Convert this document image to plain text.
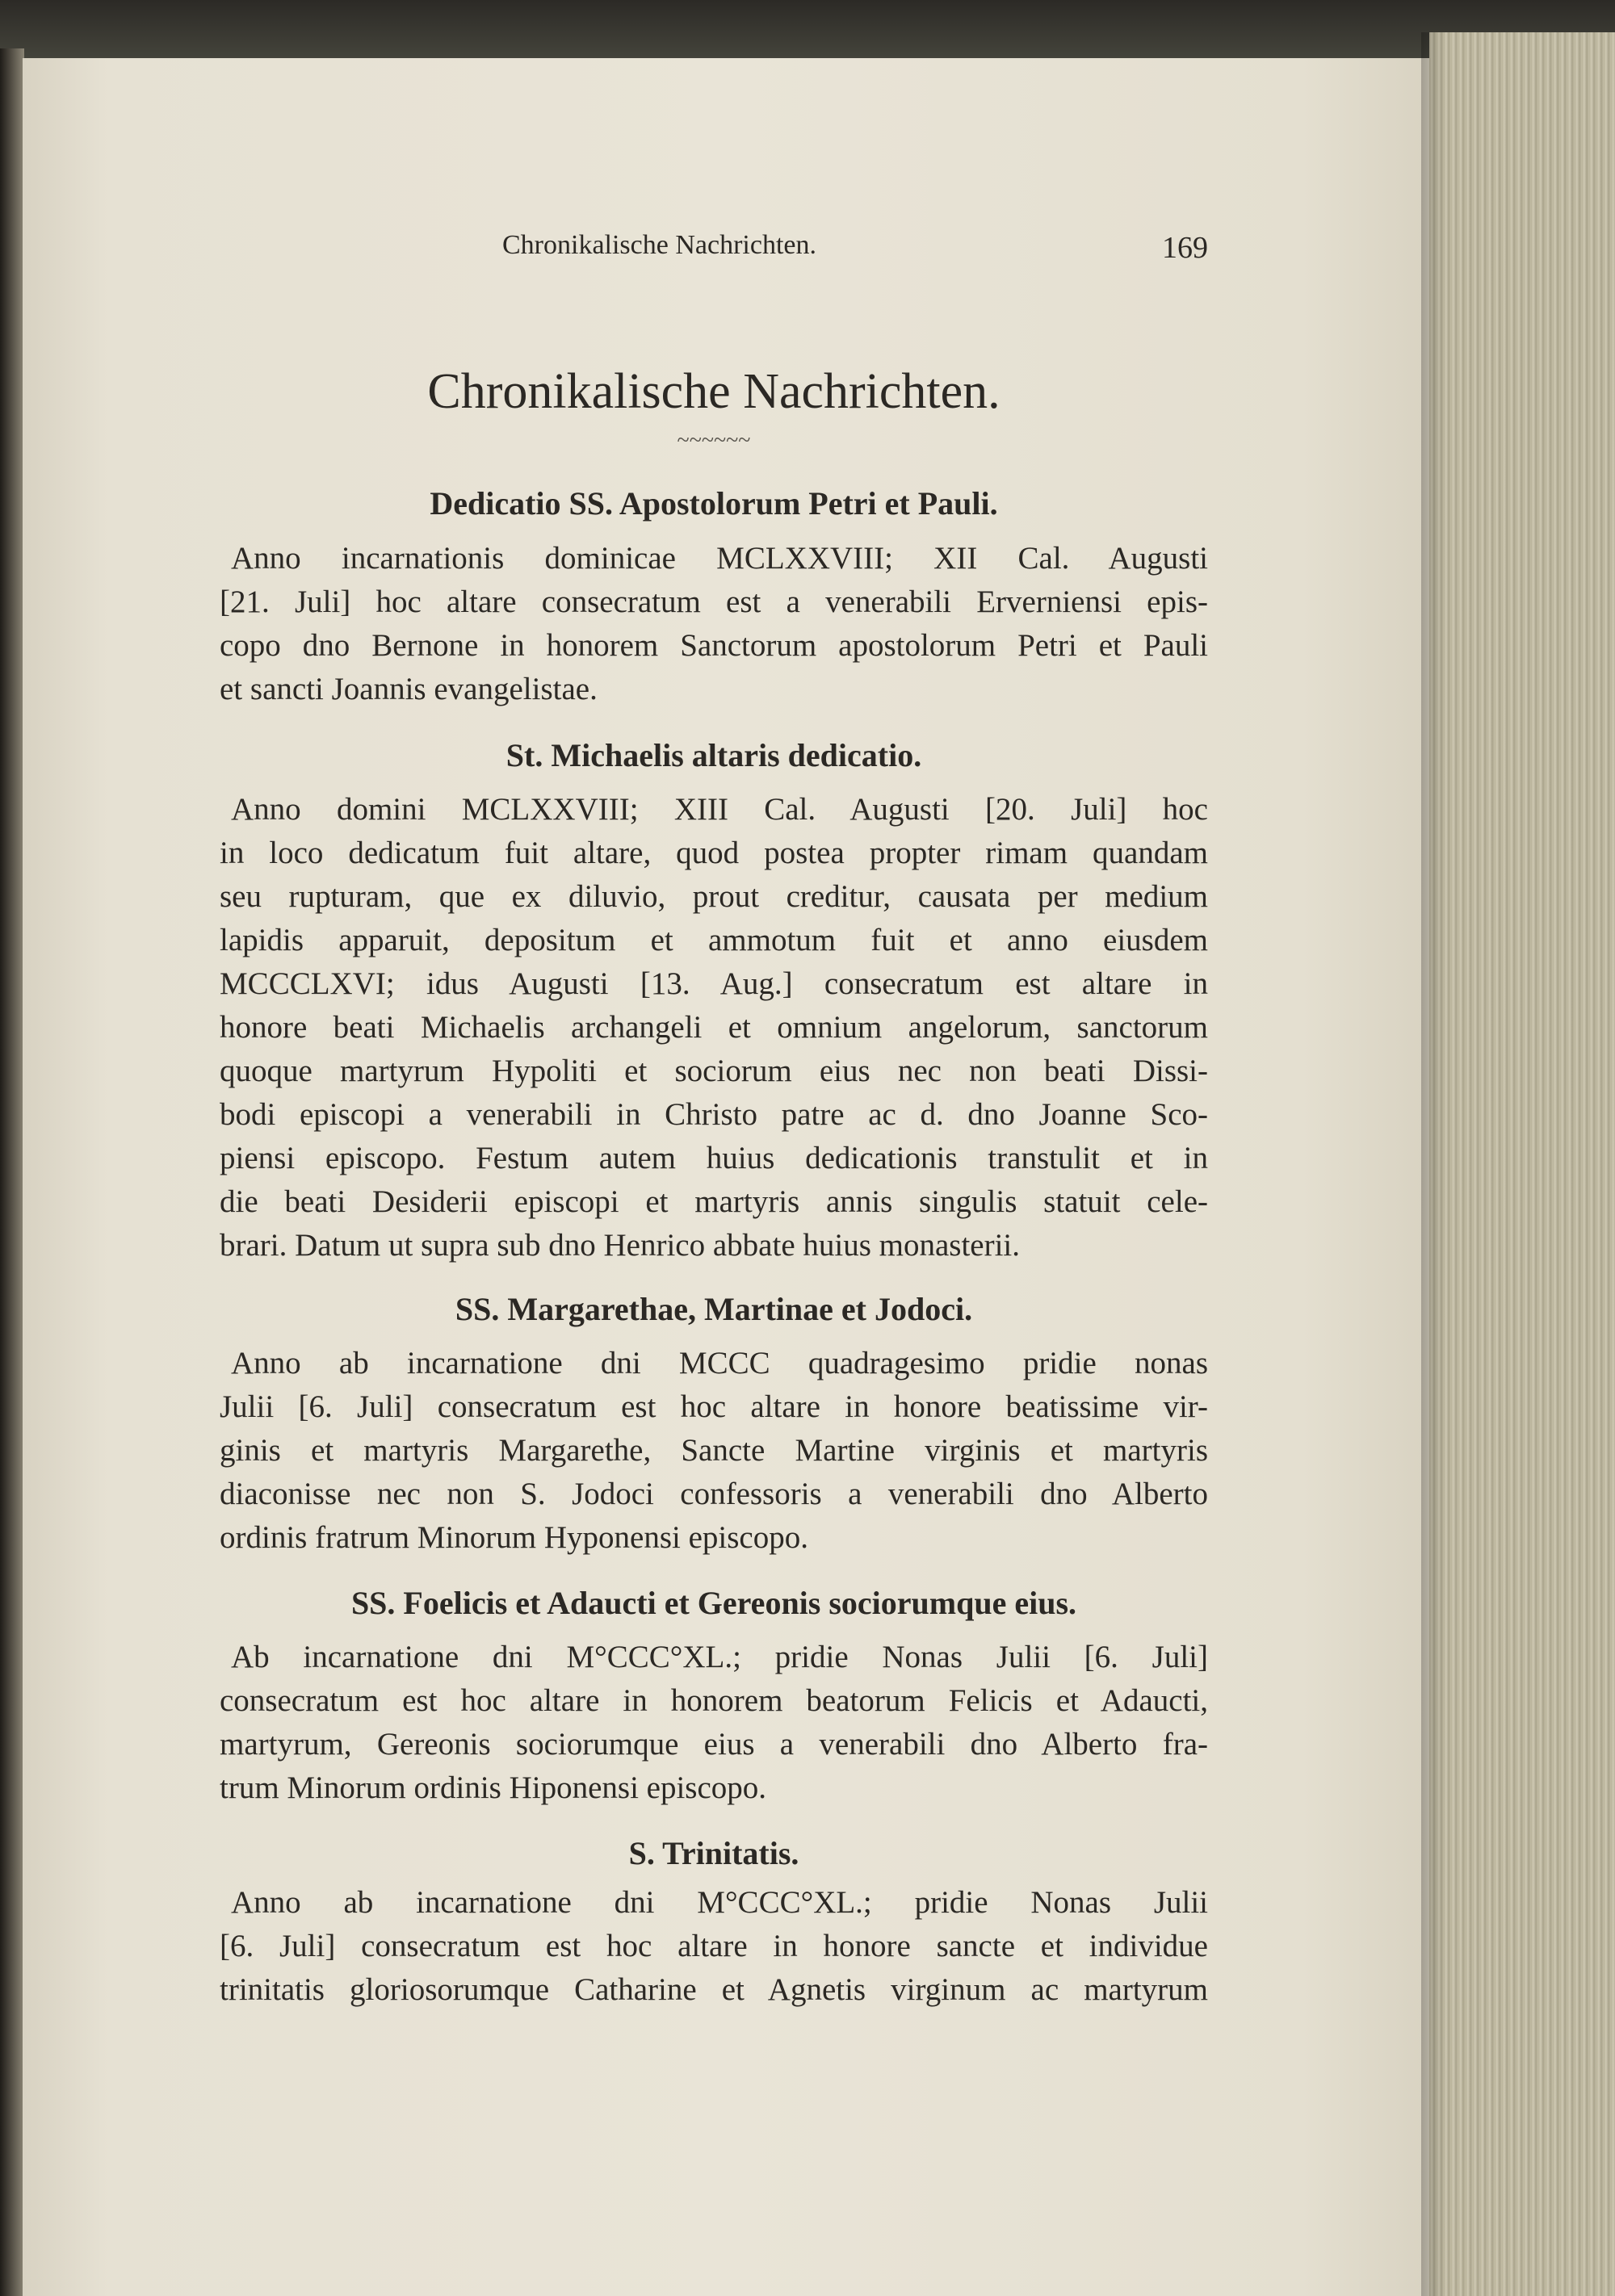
Chronikalische Nachrichten.	169
Chronikalische Nachrichten.
~~~~~~
Dedicatio SS. Apostolorum Petri et Pauli.
Anno incarnationis dominicae MCLXXVIII; XII Cal. Augusti
[21. Juli] hoc altare consecratum est a venerabili Erverniensi epis-
copo dno Bernone in honorem Sanctorum apostolorum Petri et Pauli
et sancti Joannis evangelistae.
St. Michaelis altaris dedicatio.
Anno domini MCLXXVIII; XIII Cal. Augusti [20. Juli] hoc
in loco dedicatum fuit altare, quod postea propter rimam quandam
seu rupturam, que ex diluvio, prout creditur, causata per medium
lapidis apparuit, depositum et ammotum fuit et anno eiusdem
MCCCLXVI; idus Augusti [13. Aug.] consecratum est altare in
honore beati Michaelis archangeli et omnium angelorum, sanctorum
quoque martyrum Hypoliti et sociorum eius nec non beati Dissi-
bodi episcopi a venerabili in Christo patre ac d. dno Joanne Sco-
piensi episcopo. Festum autem huius dedicationis transtulit et in
die beati Desiderii episcopi et martyris annis singulis statuit cele-
brari. Datum ut supra sub dno Henrico abbate huius monasterii.
SS. Margarethae, Martinae et Jodoci.
Anno ab incarnatione dni MCCC quadragesimo pridie nonas
Julii [6. Juli] consecratum est hoc altare in honore beatissime vir-
ginis et martyris Margarethe, Sancte Martine virginis et martyris
diaconisse nec non S. Jodoci confessoris a venerabili dno Alberto
ordinis fratrum Minorum Hyponensi episcopo.
SS. Foelicis et Adaucti et Gereonis sociorumque eius.
Ab incarnatione dni M°CCC°XL.; pridie Nonas Julii [6. Juli]
consecratum est hoc altare in honorem beatorum Felicis et Adaucti,
martyrum, Gereonis sociorumque eius a venerabili dno Alberto fra-
trum Minorum ordinis Hiponensi episcopo.
S. Trinitatis.
Anno ab incarnatione dni M°CCC°XL.; pridie Nonas Julii
[6. Juli] consecratum est hoc altare in honore sancte et individue
trinitatis gloriosorumque Catharine et Agnetis virginum ac martyrum
